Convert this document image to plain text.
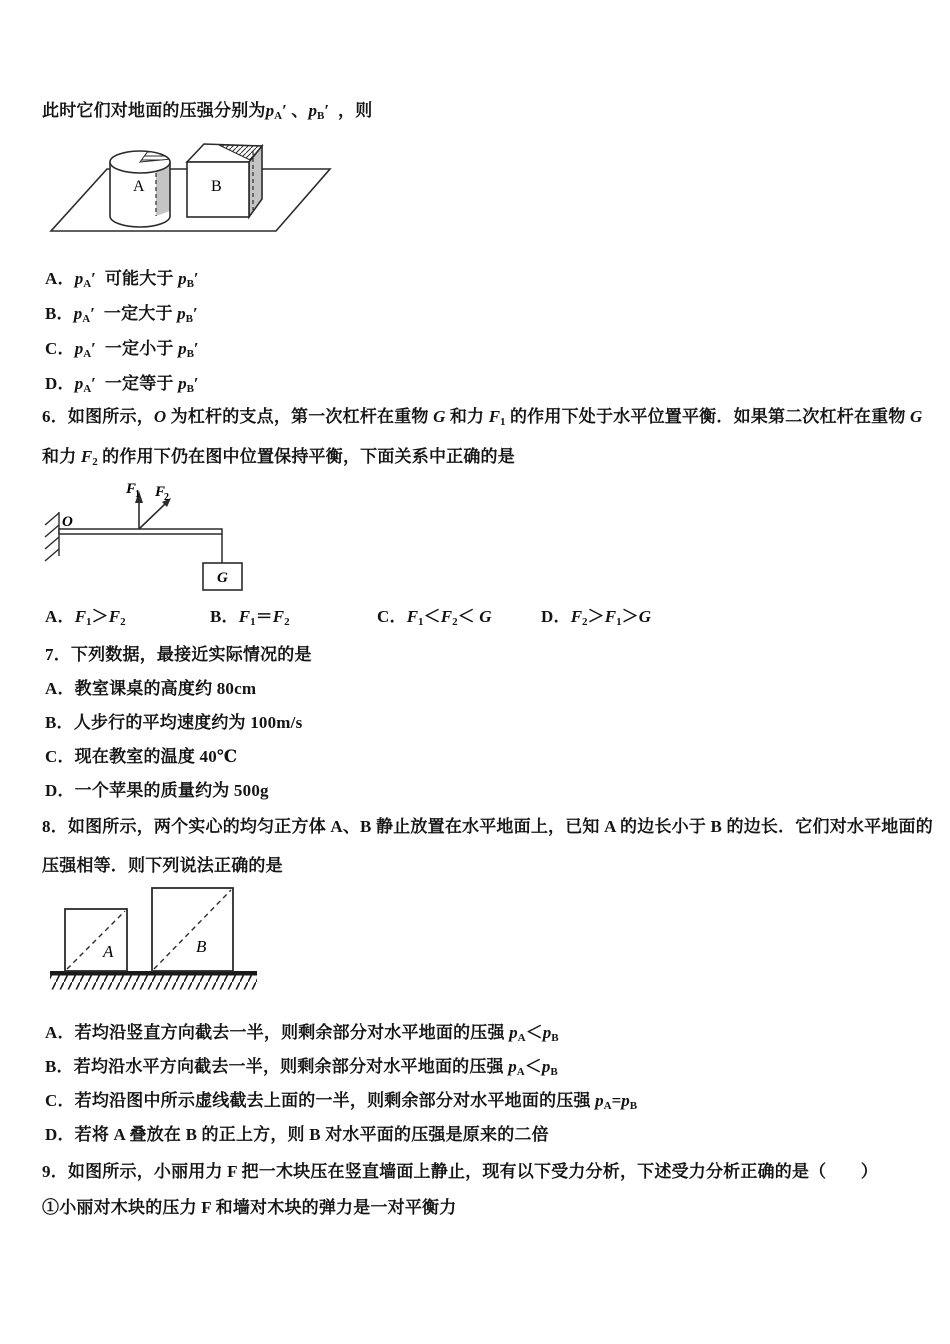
此时它们对地面的压强分别为pA′ 、pB′  ，则
A	B
A．pA′  可能大于 pB′
B．pA′  一定大于 pB′
C．pA′  一定小于 pB′
D．pA′  一定等于 pB′
6．如图所示，O 为杠杆的支点，第一次杠杆在重物 G 和力 F1 的作用下处于水平位置平衡．如果第二次杠杆在重物 G
和力 F2 的作用下仍在图中位置保持平衡，下面关系中正确的是
O
F
1 F
2
G
A．F1＞F2	B．F1＝F2	C．F1＜F2＜ G	D．F2＞F1＞G
7．下列数据，最接近实际情况的是
A．教室课桌的高度约 80cm
B．人步行的平均速度约为 100m/s
C．现在教室的温度 40℃
D．一个苹果的质量约为 500g
8．如图所示，两个实心的均匀正方体 A、B 静止放置在水平地面上，已知 A 的边长小于 B 的边长．它们对水平地面的
压强相等．则下列说法正确的是
A	B
A．若均沿竖直方向截去一半，则剩余部分对水平地面的压强 pA＜pB
B．若均沿水平方向截去一半，则剩余部分对水平地面的压强 pA＜pB
C．若均沿图中所示虚线截去上面的一半，则剩余部分对水平地面的压强 pA=pB
D．若将 A 叠放在 B 的正上方，则 B 对水平面的压强是原来的二倍
9．如图所示，小丽用力 F 把一木块压在竖直墙面上静止，现有以下受力分析，下述受力分析正确的是（　　）
①小丽对木块的压力 F 和墙对木块的弹力是一对平衡力
